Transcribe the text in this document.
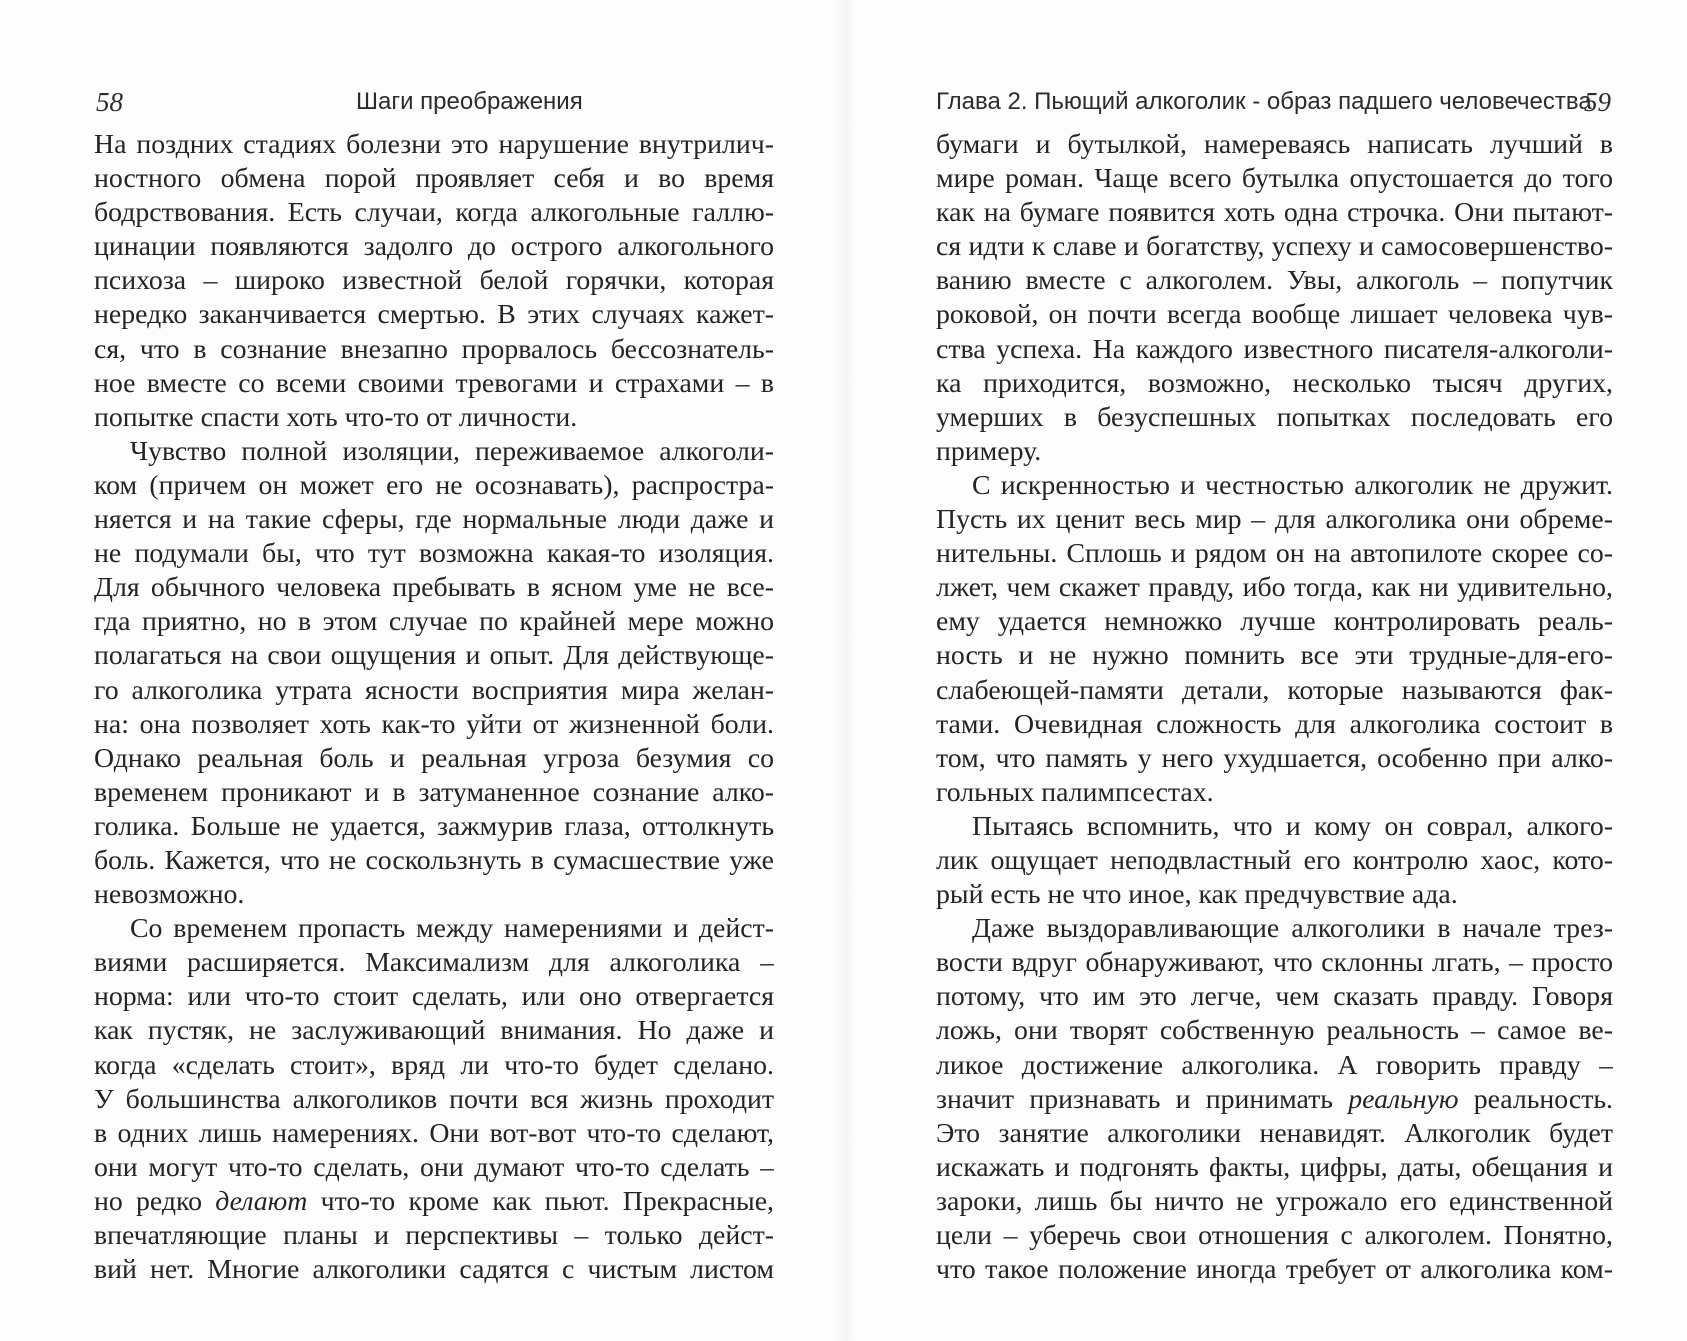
58	Шаги преображения
На поздних стадиях болезни это нарушение внутрилич-
ностного обмена порой проявляет себя и во время
бодрствования. Есть случаи, когда алкогольные галлю-
цинации появляются задолго до острого алкогольного
психоза – широко известной белой горячки, которая
нередко заканчивается смертью. В этих случаях кажет-
ся, что в сознание внезапно прорвалось бессознатель-
ное вместе со всеми своими тревогами и страхами – в
попытке спасти хоть что-то от личности.
Чувство полной изоляции, переживаемое алкоголи-
ком (причем он может его не осознавать), распростра-
няется и на такие сферы, где нормальные люди даже и
не подумали бы, что тут возможна какая-то изоляция.
Для обычного человека пребывать в ясном уме не все-
гда приятно, но в этом случае по крайней мере можно
полагаться на свои ощущения и опыт. Для действующе-
го алкоголика утрата ясности восприятия мира желан-
на: она позволяет хоть как-то уйти от жизненной боли.
Однако реальная боль и реальная угроза безумия со
временем проникают и в затуманенное сознание алко-
голика. Больше не удается, зажмурив глаза, оттолкнуть
боль. Кажется, что не соскользнуть в сумасшествие уже
невозможно.
Со временем пропасть между намерениями и дейст-
виями расширяется. Максимализм для алкоголика –
норма: или что-то стоит сделать, или оно отвергается
как пустяк, не заслуживающий внимания. Но даже и
когда «сделать стоит», вряд ли что-то будет сделано.
У большинства алкоголиков почти вся жизнь проходит
в одних лишь намерениях. Они вот-вот что-то сделают,
они могут что-то сделать, они думают что-то сделать –
но редко делают что-то кроме как пьют. Прекрасные,
впечатляющие планы и перспективы – только дейст-
вий нет. Многие алкоголики садятся с чистым листом
Глава 2. Пьющий алкоголик - образ падшего человечества
59
бумаги и бутылкой, намереваясь написать лучший в
мире роман. Чаще всего бутылка опустошается до того
как на бумаге появится хоть одна строчка. Они пытают-
ся идти к славе и богатству, успеху и самосовершенство-
ванию вместе с алкоголем. Увы, алкоголь – попутчик
роковой, он почти всегда вообще лишает человека чув-
ства успеха. На каждого известного писателя-алкоголи-
ка приходится, возможно, несколько тысяч других,
умерших в безуспешных попытках последовать его
примеру.
С искренностью и честностью алкоголик не дружит.
Пусть их ценит весь мир – для алкоголика они обреме-
нительны. Сплошь и рядом он на автопилоте скорее со-
лжет, чем скажет правду, ибо тогда, как ни удивительно,
ему удается немножко лучше контролировать реаль-
ность и не нужно помнить все эти трудные-для-его-
слабеющей-памяти детали, которые называются фак-
тами. Очевидная сложность для алкоголика состоит в
том, что память у него ухудшается, особенно при алко-
гольных палимпсестах.
Пытаясь вспомнить, что и кому он соврал, алкого-
лик ощущает неподвластный его контролю хаос, кото-
рый есть не что иное, как предчувствие ада.
Даже выздоравливающие алкоголики в начале трез-
вости вдруг обнаруживают, что склонны лгать, – просто
потому, что им это легче, чем сказать правду. Говоря
ложь, они творят собственную реальность – самое ве-
ликое достижение алкоголика. А говорить правду –
значит признавать и принимать реальную реальность.
Это занятие алкоголики ненавидят. Алкоголик будет
искажать и подгонять факты, цифры, даты, обещания и
зароки, лишь бы ничто не угрожало его единственной
цели – уберечь свои отношения с алкоголем. Понятно,
что такое положение иногда требует от алкоголика ком-
